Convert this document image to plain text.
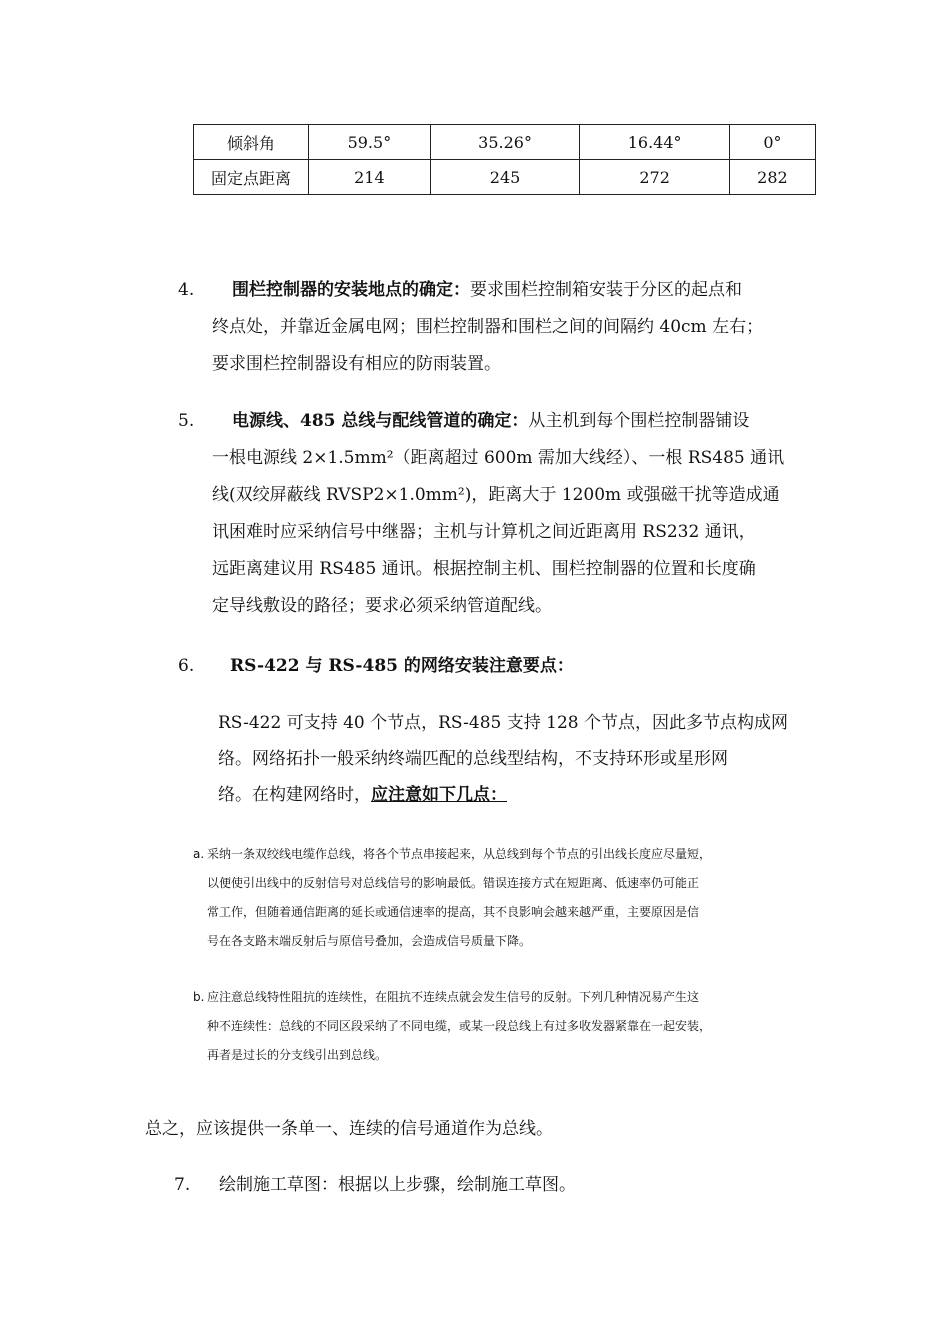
倾斜角	59.5°	35.26°	16.44°	0°
固定点距离	214	245	272	282
4. 围栏控制器的安装地点的确定：要求围栏控制箱安装于分区的起点和
终点处，并靠近金属电网；围栏控制器和围栏之间的间隔约 40cm 左右；
要求围栏控制器设有相应的防雨装置。
5. 电源线、485 总线与配线管道的确定：从主机到每个围栏控制器铺设
一根电源线 2×1.5mm²（距离超过 600m 需加大线经）、一根 RS485 通讯
线(双绞屏蔽线 RVSP2×1.0mm²)，距离大于 1200m 或强磁干扰等造成通
讯困难时应采纳信号中继器；主机与计算机之间近距离用 RS232 通讯，
远距离建议用 RS485 通讯。根据控制主机、围栏控制器的位置和长度确
定导线敷设的路径；要求必须采纳管道配线。
6. RS-422 与 RS-485 的网络安装注意要点：
RS-422 可支持 40 个节点，RS-485 支持 128 个节点，因此多节点构成网
络。网络拓扑一般采纳终端匹配的总线型结构，不支持环形或星形网
络。在构建网络时，应注意如下几点：
a. 采纳一条双绞线电缆作总线，将各个节点串接起来，从总线到每个节点的引出线长度应尽量短，
以便使引出线中的反射信号对总线信号的影响最低。错误连接方式在短距离、低速率仍可能正
常工作，但随着通信距离的延长或通信速率的提高，其不良影响会越来越严重，主要原因是信
号在各支路末端反射后与原信号叠加，会造成信号质量下降。
b. 应注意总线特性阻抗的连续性，在阻抗不连续点就会发生信号的反射。下列几种情况易产生这
种不连续性：总线的不同区段采纳了不同电缆，或某一段总线上有过多收发器紧靠在一起安装，
再者是过长的分支线引出到总线。
总之，应该提供一条单一、连续的信号通道作为总线。
7. 绘制施工草图：根据以上步骤，绘制施工草图。
